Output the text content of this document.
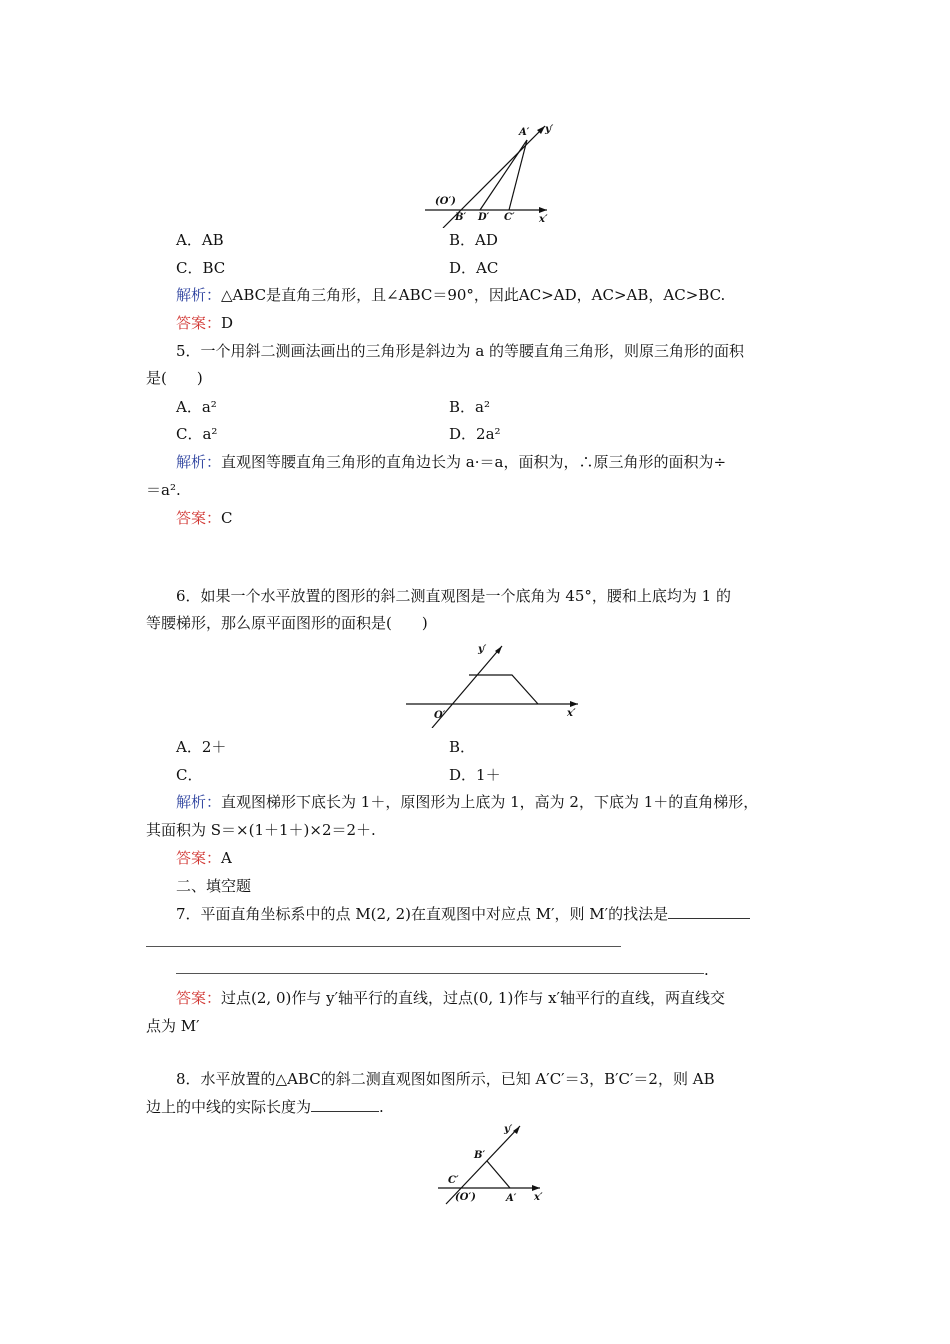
A′ y′
(O′)
B′ D′ C′ x′
A．AB	B．AD
C．BC	D．AC
解析：△ABC是直角三角形，且∠ABC＝90°，因此AC>AD，AC>AB，AC>BC.
答案：D
5．一个用斜二测画法画出的三角形是斜边为 a 的等腰直角三角形，则原三角形的面积
是(　　)
A．a²	B．a²
C．a²	D．2a²
解析：直观图等腰直角三角形的直角边长为 a·＝a，面积为，∴原三角形的面积为÷
＝a².
答案：C
6．如果一个水平放置的图形的斜二测直观图是一个底角为 45°，腰和上底均为 1 的
等腰梯形，那么原平面图形的面积是(　　)
y′
O′	x′
A．2＋	B．
C．	D．1＋
解析：直观图梯形下底长为 1＋，原图形为上底为 1，高为 2，下底为 1＋的直角梯形，
其面积为 S＝×(1＋1＋)×2＝2＋.
答案：A
二、填空题
7．平面直角坐标系中的点 M(2, 2)在直观图中对应点 M′，则 M′的找法是
.
答案：过点(2, 0)作与 y′轴平行的直线，过点(0, 1)作与 x′轴平行的直线，两直线交
点为 M′
8．水平放置的△ABC的斜二测直观图如图所示，已知 A′C′＝3，B′C′＝2，则 AB
边上的中线的实际长度为	.
y′
B′
C′
(O′)	A′ x′
